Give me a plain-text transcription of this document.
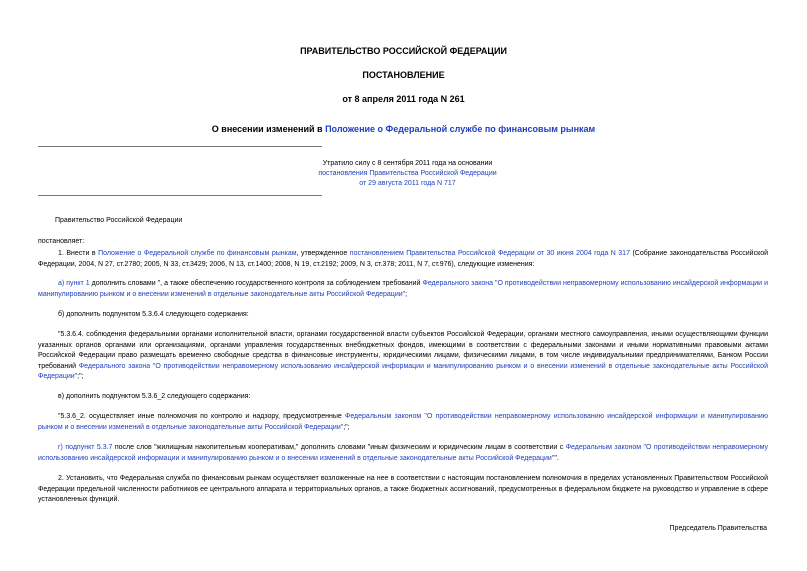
ПРАВИТЕЛЬСТВО РОССИЙСКОЙ ФЕДЕРАЦИИ
ПОСТАНОВЛЕНИЕ
от 8 апреля 2011 года N 261
О внесении изменений в Положение о Федеральной службе по финансовым рынкам
Утратило силу с 8 сентября 2011 года на основании
постановления Правительства Российской Федерации
от 29 августа 2011 года N 717
Правительство Российской Федерации
постановляет:
1. Внести в Положение о Федеральной службе по финансовым рынкам, утвержденное постановлением Правительства Российской Федерации от 30 июня 2004 года N 317 (Собрание законодательства Российской Федерации, 2004, N 27, ст.2780; 2005, N 33, ст.3429; 2006, N 13, ст.1400; 2008, N 19, ст.2192; 2009, N 3, ст.378; 2011, N 7, ст.976), следующие изменения:
а) пункт 1 дополнить словами ", а также обеспечению государственного контроля за соблюдением требований Федерального закона "О противодействии неправомерному использованию инсайдерской информации и манипулированию рынком и о внесении изменений в отдельные законодательные акты Российской Федерации";
б) дополнить подпунктом 5.3.6.4 следующего содержания:
"5.3.6.4. соблюдения федеральными органами исполнительной власти, органами государственной власти субъектов Российской Федерации, органами местного самоуправления, иными осуществляющими функции указанных органов органами или организациями, органами управления государственных внебюджетных фондов, имеющими в соответствии с федеральными законами и иными нормативными правовыми актами Российской Федерации право размещать временно свободные средства в финансовые инструменты, юридическими лицами, физическими лицами, в том числе индивидуальными предпринимателями, Банком России требований Федерального закона "О противодействии неправомерному использованию инсайдерской информации и манипулированию рынком и о внесении изменений в отдельные законодательные акты Российской Федерации";";
в) дополнить подпунктом 5.3.6_2 следующего содержания:
"5.3.6_2. осуществляет иные полномочия по контролю и надзору, предусмотренные Федеральным законом "О противодействии неправомерному использованию инсайдерской информации и манипулированию рынком и о внесении изменений в отдельные законодательные акты Российской Федерации";";
г) подпункт 5.3.7 после слов "жилищным накопительным кооперативам," дополнить словами "иным физическим и юридическим лицам в соответствии с Федеральным законом "О противодействии неправомерному использованию инсайдерской информации и манипулированию рынком и о внесении изменений в отдельные законодательные акты Российской Федерации"".
2. Установить, что Федеральная служба по финансовым рынкам осуществляет возложенные на нее в соответствии с настоящим постановлением полномочия в пределах установленных Правительством Российской Федерации предельной численности работников ее центрального аппарата и территориальных органов, а также бюджетных ассигнований, предусмотренных в федеральном бюджете на руководство и управление в сфере установленных функций.
Председатель Правительства
